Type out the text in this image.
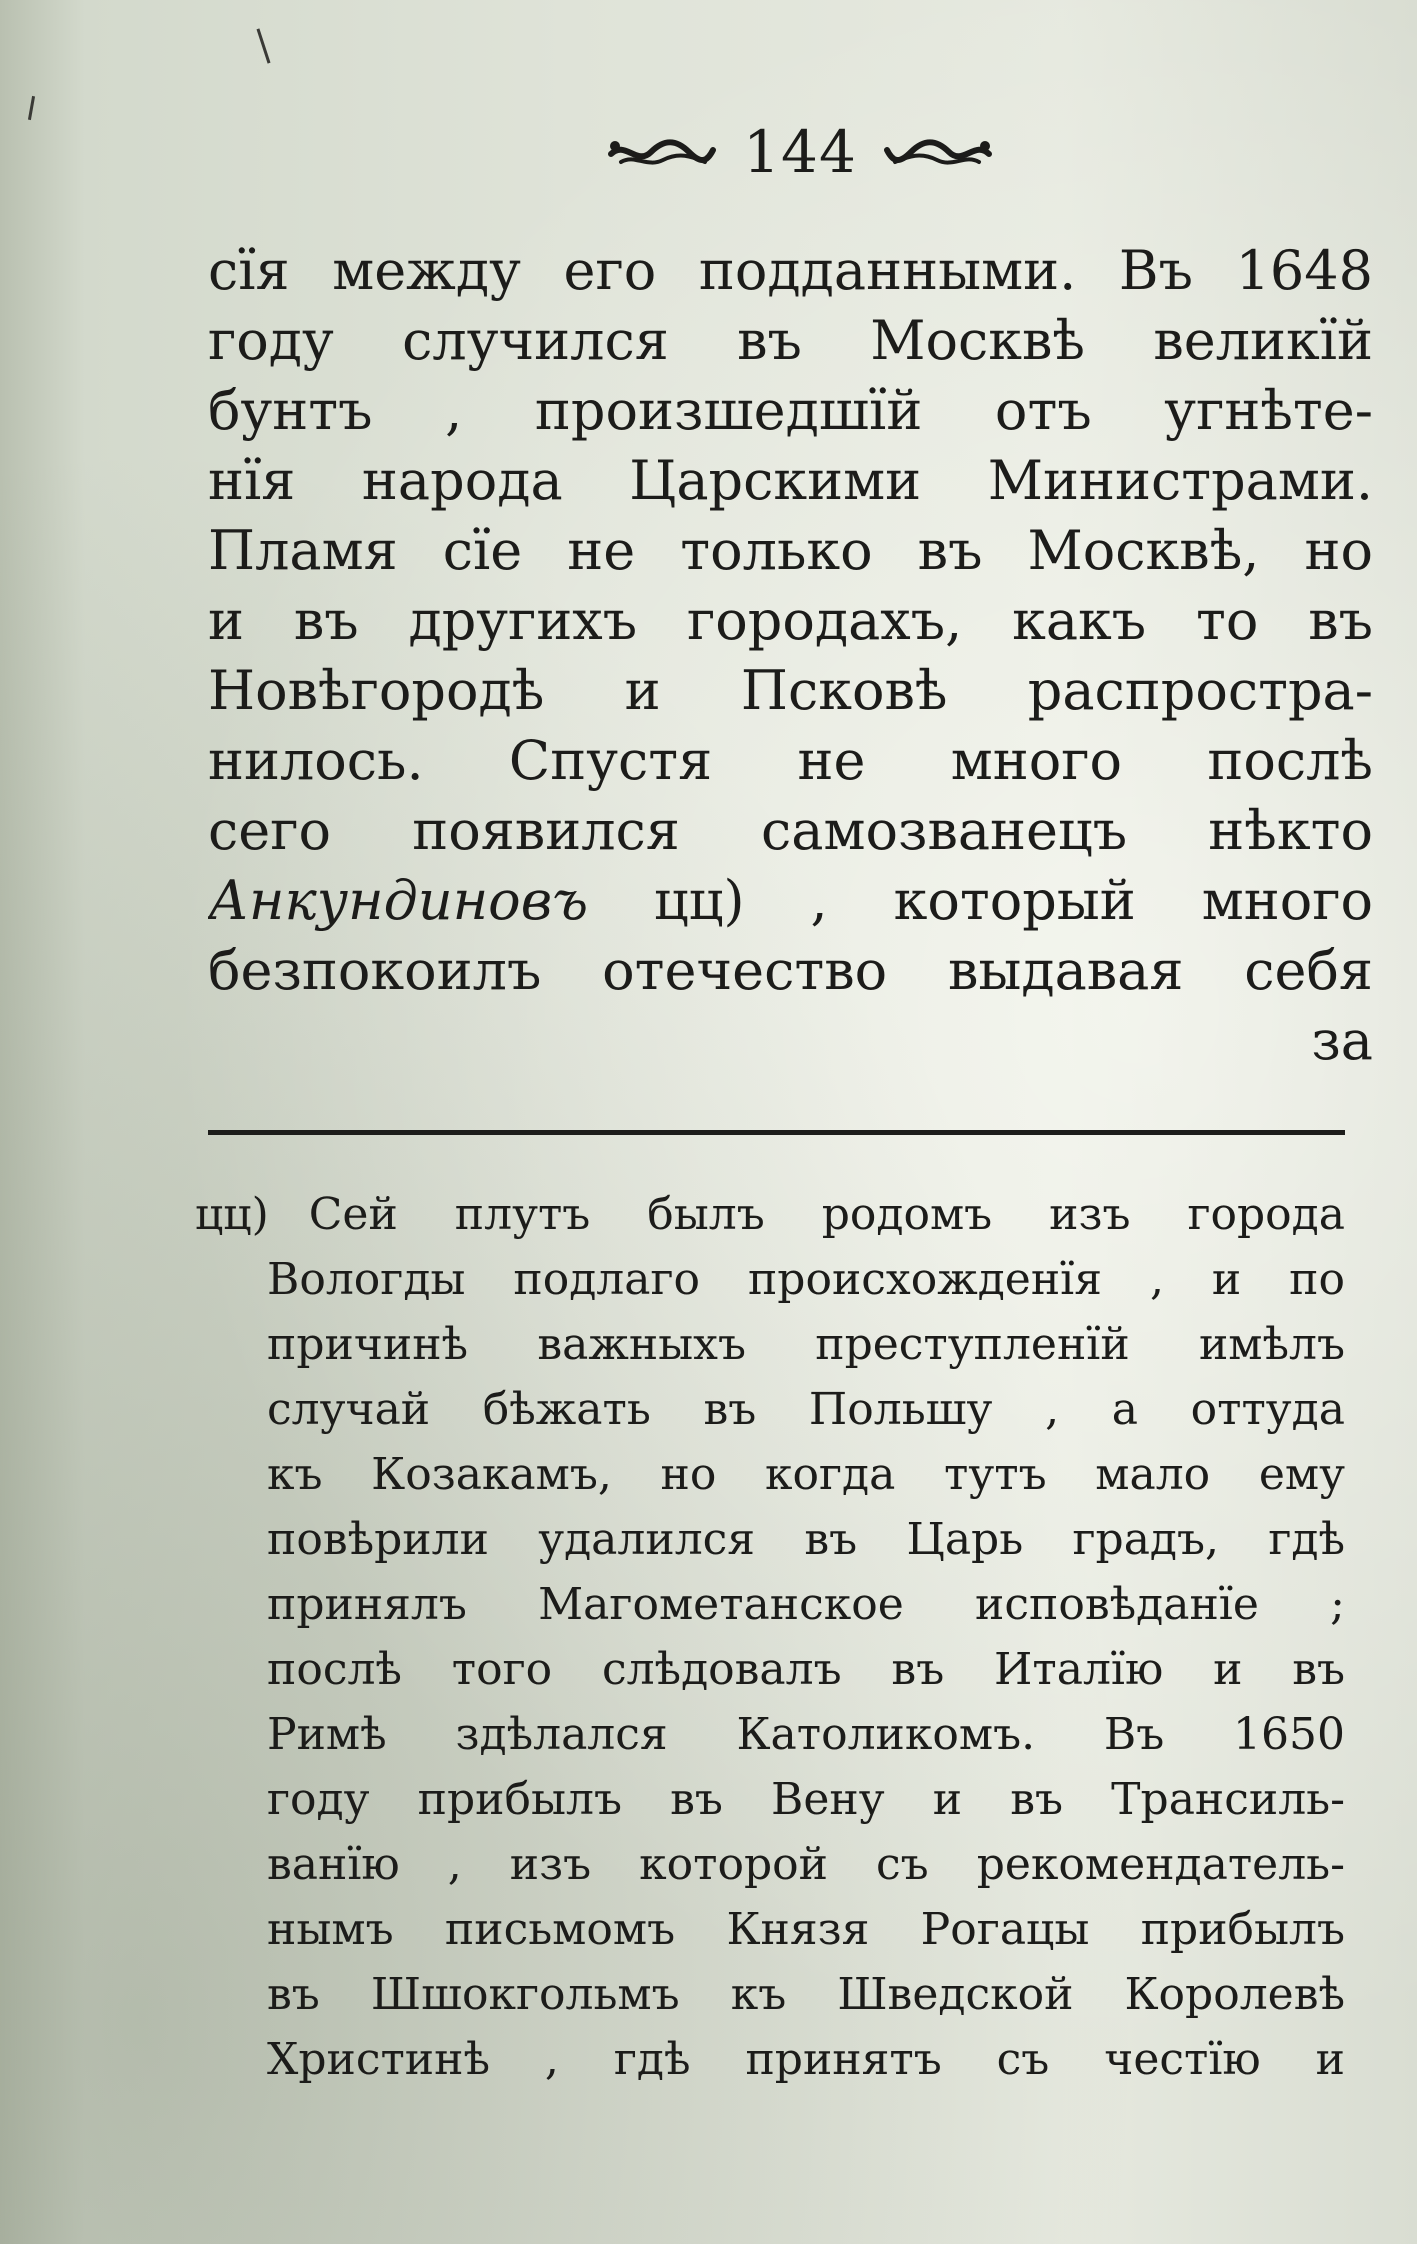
144
сїя между его подданными. Въ 1648
году случился въ Москвѣ великїй
бунтъ , произшедшїй отъ угнѣте-
нїя народа Царскими Министрами.
Пламя сїе не только въ Москвѣ, но
и въ другихъ городахъ, какъ то въ
Новѣгородѣ и Псковѣ распростра-
нилось. Спустя не много послѣ
сего появился самозванецъ нѣкто
Анкундиновъ цц) , который много
безпокоилъ отечество выдавая себя
за
цц) Сей плутъ былъ родомъ изъ города
Вологды подлаго происхожденїя , и по
причинѣ важныхъ преступленїй имѣлъ
случай бѣжать въ Польшу , а оттуда
къ Козакамъ, но когда тутъ мало ему
повѣрили удалился въ Царь градъ, гдѣ
принялъ Магометанское исповѣданїе ;
послѣ того слѣдовалъ въ Италїю и въ
Римѣ здѣлался Католикомъ. Въ 1650
году прибылъ въ Вену и въ Трансиль-
ванїю , изъ которой съ рекомендатель-
нымъ письмомъ Князя Рогацы прибылъ
въ Шшокгольмъ къ Шведской Королевѣ
Христинѣ , гдѣ принятъ съ честїю и
